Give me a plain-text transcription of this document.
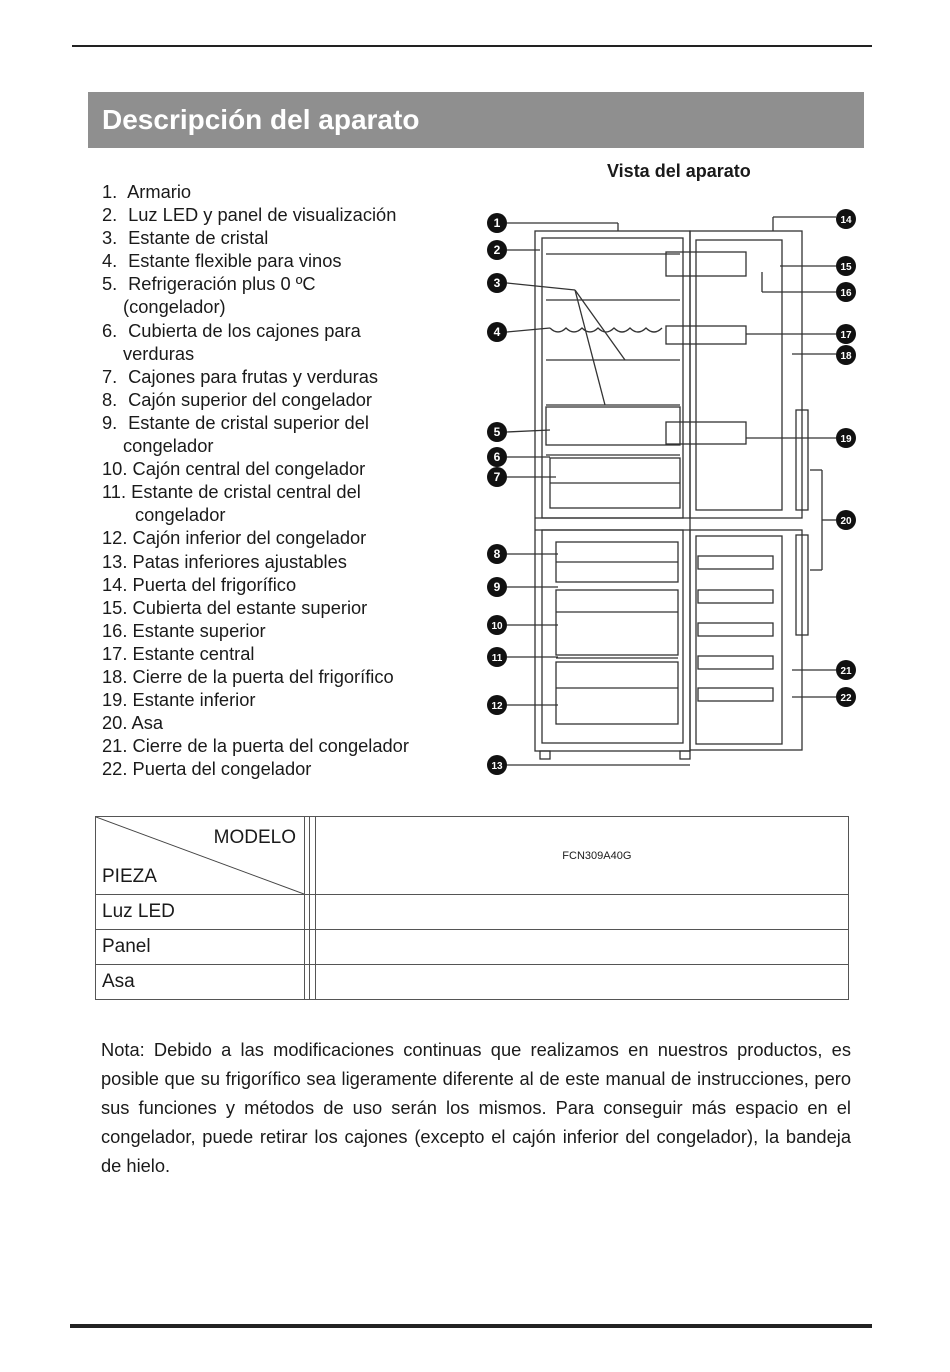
Descripción del aparato
Vista del aparato
1. Armario
2. Luz LED y panel de visualización
3. Estante de cristal
4. Estante flexible para vinos
5. Refrigeración plus 0 ºC
(congelador)
6. Cubierta de los cajones para
verduras
7. Cajones para frutas y verduras
8. Cajón superior del congelador
9. Estante de cristal superior del
congelador
10. Cajón central del congelador
11. Estante de cristal central del
congelador
12. Cajón inferior del congelador
13. Patas inferiores ajustables
14. Puerta del frigorífico
15. Cubierta del estante superior
16. Estante superior
17. Estante central
18. Cierre de la puerta del frigorífico
19. Estante inferior
20. Asa
21. Cierre de la puerta del congelador
22. Puerta del congelador
1
2
3
4
5
6
7
8
9
10
11
12
13
14
15
16
17
18
19
20
21
22
MODELO
PIEZA			FCN309A40G
Luz LED			
Panel			
Asa			

Nota: Debido a las modificaciones continuas que realizamos en nuestros productos, es posible que su frigorífico sea ligeramente diferente al de este manual de instrucciones, pero sus funciones y métodos de uso serán los mismos. Para conseguir más espacio en el congelador, puede retirar los cajones (excepto el cajón inferior del congelador), la bandeja de hielo.
